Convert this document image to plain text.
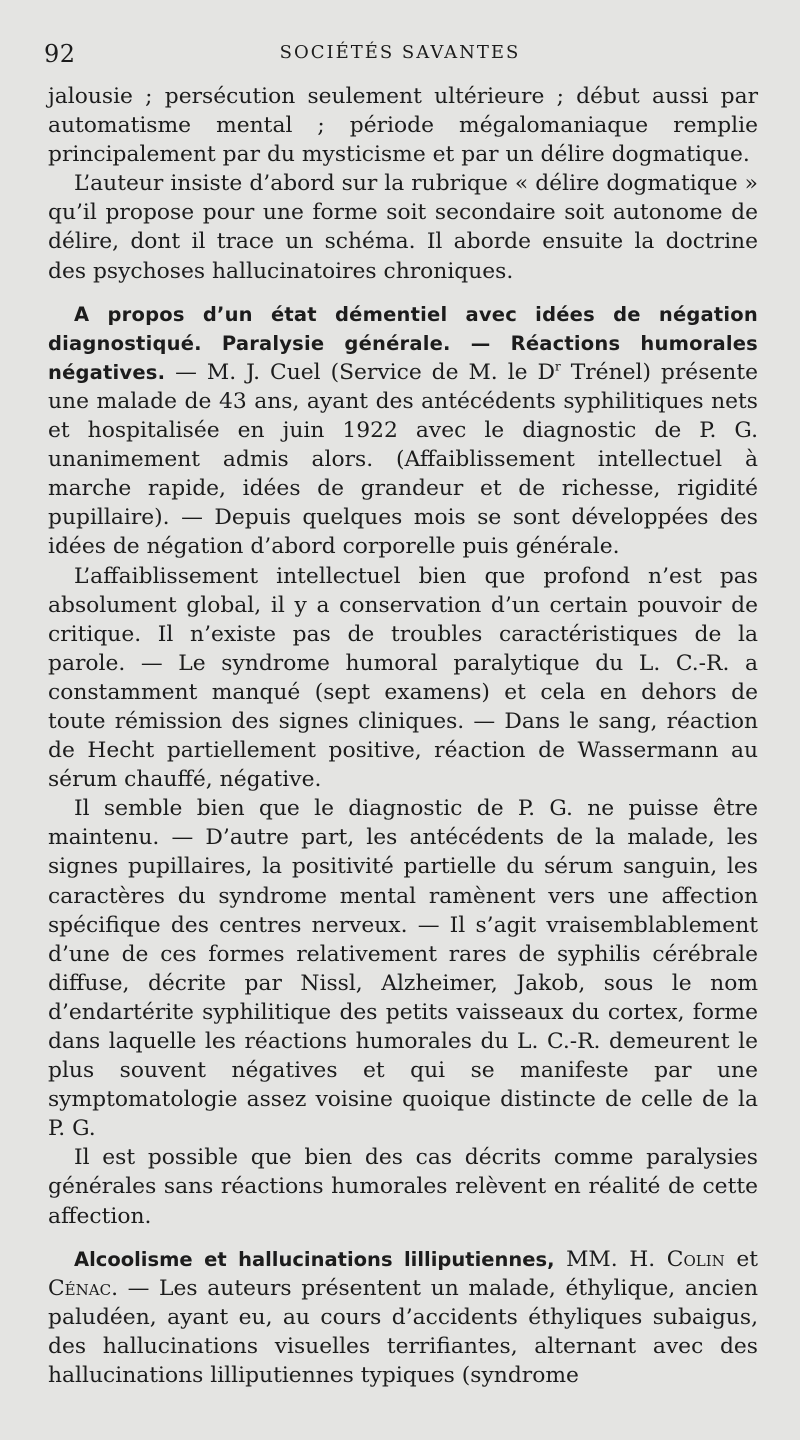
92	SOCIÉTÉS SAVANTES

jalousie ; persécution seulement ultérieure ; début aussi par automatisme mental ; période mégalomaniaque remplie principalement par du mysticisme et par un délire dogmatique.

L’auteur insiste d’abord sur la rubrique « délire dogmatique » qu’il propose pour une forme soit secondaire soit autonome de délire, dont il trace un schéma. Il aborde ensuite la doctrine des psychoses hallucinatoires chroniques.

A propos d’un état démentiel avec idées de négation diagnostiqué. Paralysie générale. — Réactions humorales négatives. — M. J. Cuel (Service de M. le $D^r$ Trénel) présente une malade de 43 ans, ayant des antécédents syphilitiques nets et hospitalisée en juin 1922 avec le diagnostic de P. G. unanimement admis alors. (Affaiblissement intellectuel à marche rapide, idées de grandeur et de richesse, rigidité pupillaire). — Depuis quelques mois se sont développées des idées de négation d’abord corporelle puis générale.

L’affaiblissement intellectuel bien que profond n’est pas absolument global, il y a conservation d’un certain pouvoir de critique. Il n’existe pas de troubles caractéristiques de la parole. — Le syndrome humoral paralytique du L. C.-R. a constamment manqué (sept examens) et cela en dehors de toute rémission des signes cliniques. — Dans le sang, réaction de Hecht partiellement positive, réaction de Wassermann au sérum chauffé, négative.

Il semble bien que le diagnostic de P. G. ne puisse être maintenu. — D’autre part, les antécédents de la malade, les signes pupillaires, la positivité partielle du sérum sanguin, les caractères du syndrome mental ramènent vers une affection spécifique des centres nerveux. — Il s’agit vraisemblablement d’une de ces formes relativement rares de syphilis cérébrale diffuse, décrite par Nissl, Alzheimer, Jakob, sous le nom d’endartérite syphilitique des petits vaisseaux du cortex, forme dans laquelle les réactions humorales du L. C.-R. demeurent le plus souvent négatives et qui se manifeste par une symptomatologie assez voisine quoique distincte de celle de la P. G.

Il est possible que bien des cas décrits comme paralysies générales sans réactions humorales relèvent en réalité de cette affection.

Alcoolisme et hallucinations lilliputiennes, MM. H. Colin et Cénac. — Les auteurs présentent un malade, éthylique, ancien paludéen, ayant eu, au cours d’accidents éthyliques subaigus, des hallucinations visuelles terrifiantes, alternant avec des hallucinations lilliputiennes typiques (syndrome
